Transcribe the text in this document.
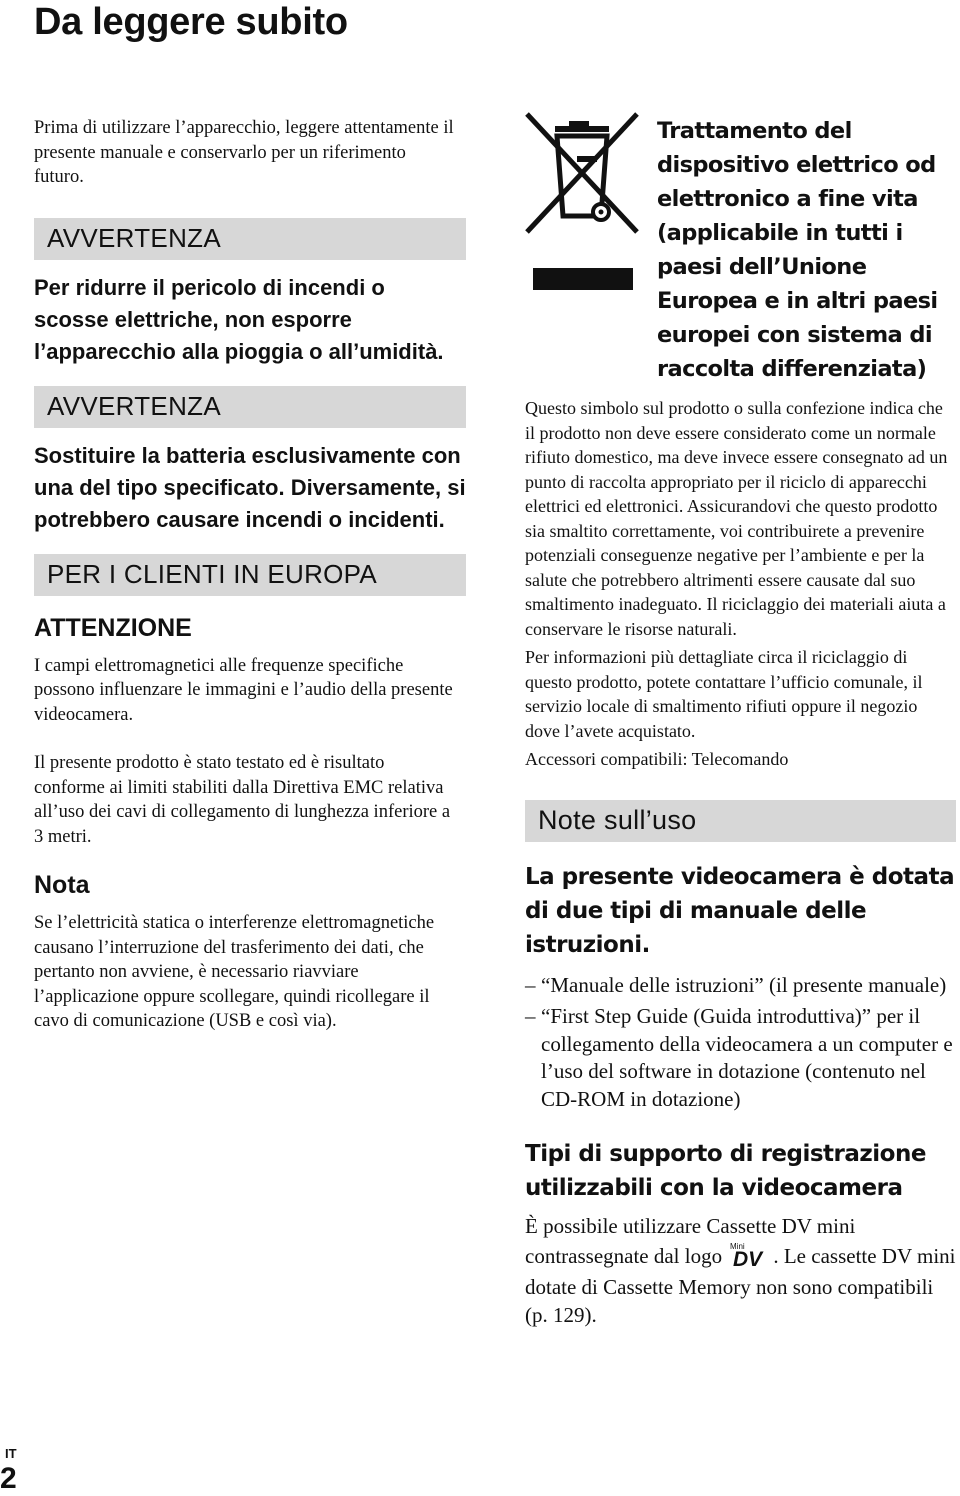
Da leggere subito

Prima di utilizzare l’apparecchio, leggere attentamente il presente manuale e conservarlo per un riferimento futuro.

AVVERTENZA

Per ridurre il pericolo di incendi o scosse elettriche, non esporre l’apparecchio alla pioggia o all’umidità.

AVVERTENZA

Sostituire la batteria esclusivamente con una del tipo specificato. Diversamente, si potrebbero causare incendi o incidenti.

PER I CLIENTI IN EUROPA
ATTENZIONE

I campi elettromagnetici alle frequenze specifiche possono influenzare le immagini e l’audio della presente videocamera.

Il presente prodotto è stato testato ed è risultato conforme ai limiti stabiliti dalla Direttiva EMC relativa all’uso dei cavi di collegamento di lunghezza inferiore a 3 metri.

Nota

Se l’elettricità statica o interferenze elettromagnetiche causano l’interruzione del trasferimento dei dati, che pertanto non avviene, è necessario riavviare l’applicazione oppure scollegare, quindi ricollegare il cavo di comunicazione (USB e così via).

Trattamento del dispositivo elettrico od elettronico a fine vita (applicabile in tutti i paesi dell’Unione Europea e in altri paesi europei con sistema di raccolta differenziata)

Questo simbolo sul prodotto o sulla confezione indica che il prodotto non deve essere considerato come un normale rifiuto domestico, ma deve invece essere consegnato ad un punto di raccolta appropriato per il riciclo di apparecchi elettrici ed elettronici. Assicurandovi che questo prodotto sia smaltito correttamente, voi contribuirete a prevenire potenziali conseguenze negative per l’ambiente e per la salute che potrebbero altrimenti essere causate dal suo smaltimento inadeguato. Il riciclaggio dei materiali aiuta a conservare le risorse naturali.

Per informazioni più dettagliate circa il riciclaggio di questo prodotto, potete contattare l’ufficio comunale, il servizio locale di smaltimento rifiuti oppure il negozio dove l’avete acquistato.

Accessori compatibili: Telecomando

Note sull’uso
La presente videocamera è dotata di due tipi di manuale delle istruzioni.
– “Manuale delle istruzioni” (il presente manuale)
– “First Step Guide (Guida introduttiva)” per il collegamento della videocamera a un computer e l’uso del software in dotazione (contenuto nel CD-ROM in dotazione)
Tipi di supporto di registrazione utilizzabili con la videocamera

È possibile utilizzare Cassette DV mini contrassegnate dal logo Mini
DV . Le cassette DV mini dotate di Cassette Memory non sono compatibili (p. 129).

IT
2
